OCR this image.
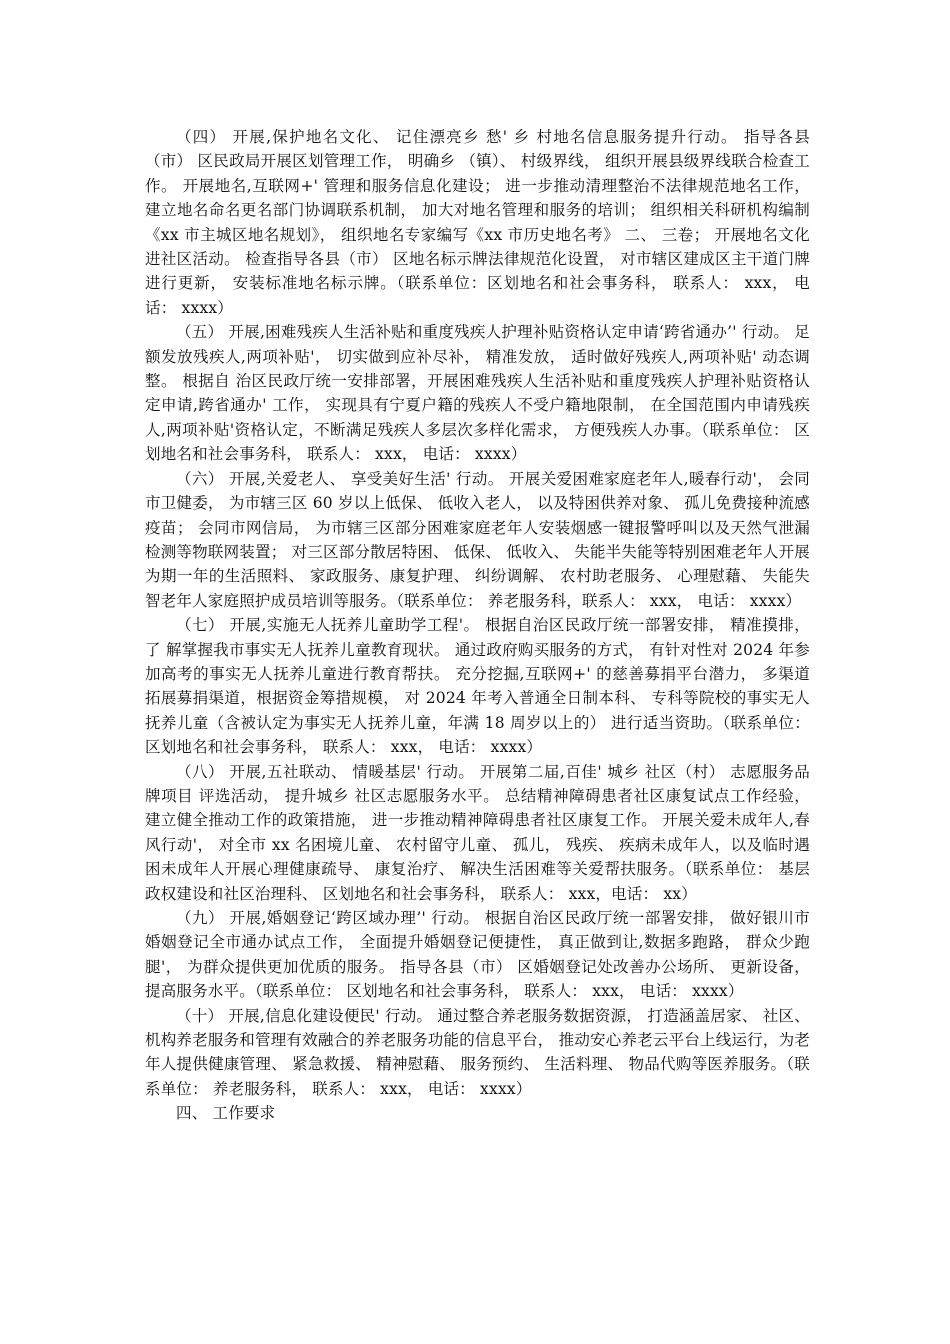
（四） 开展,保护地名文化、 记住漂亮乡 愁' 乡 村地名信息服务提升行动。 指导各县（市） 区民政局开展区划管理工作， 明确乡 （镇）、 村级界线， 组织开展县级界线联合检查工作。 开展地名,互联网+' 管理和服务信息化建设； 进一步推动清理整治不法律规范地名工作， 建立地名命名更名部门协调联系机制， 加大对地名管理和服务的培训； 组织相关科研机构编制《xx 市主城区地名规划》， 组织地名专家编写《xx 市历史地名考》 二、 三卷； 开展地名文化进社区活动。 检查指导各县（市） 区地名标示牌法律规范化设置， 对市辖区建成区主干道门牌进行更新， 安装标准地名标示牌。（联系单位：区划地名和社会事务科， 联系人： xxx， 电话： xxxx）

（五） 开展,困难残疾人生活补贴和重度残疾人护理补贴资格认定申请‘跨省通办’' 行动。 足额发放残疾人,两项补贴'， 切实做到应补尽补， 精准发放， 适时做好残疾人,两项补贴' 动态调整。 根据自 治区民政厅统一安排部署，开展困难残疾人生活补贴和重度残疾人护理补贴资格认定申请,跨省通办' 工作， 实现具有宁夏户籍的残疾人不受户籍地限制， 在全国范围内申请残疾人,两项补贴'资格认定，不断满足残疾人多层次多样化需求， 方便残疾人办事。（联系单位： 区划地名和社会事务科， 联系人： xxx， 电话： xxxx）

（六） 开展,关爱老人、 享受美好生活' 行动。 开展关爱困难家庭老年人,暖春行动'， 会同市卫健委， 为市辖三区 60 岁以上低保、 低收入老人， 以及特困供养对象、 孤儿免费接种流感疫苗； 会同市网信局， 为市辖三区部分困难家庭老年人安装烟感一键报警呼叫以及天然气泄漏检测等物联网装置； 对三区部分散居特困、 低保、 低收入、 失能半失能等特别困难老年人开展为期一年的生活照料、 家政服务、康复护理、 纠纷调解、 农村助老服务、 心理慰藉、 失能失智老年人家庭照护成员培训等服务。（联系单位： 养老服务科，联系人： xxx， 电话： xxxx）

（七） 开展,实施无人抚养儿童助学工程'。 根据自治区民政厅统一部署安排， 精准摸排，了 解掌握我市事实无人抚养儿童教育现状。 通过政府购买服务的方式， 有针对性对 2024 年参加高考的事实无人抚养儿童进行教育帮扶。 充分挖掘,互联网+' 的慈善募捐平台潜力， 多渠道拓展募捐渠道，根据资金筹措规模， 对 2024 年考入普通全日制本科、 专科等院校的事实无人抚养儿童（含被认定为事实无人抚养儿童，年满 18 周岁以上的） 进行适当资助。（联系单位： 区划地名和社会事务科， 联系人： xxx， 电话： xxxx）

（八） 开展,五社联动、 情暖基层' 行动。 开展第二届,百佳' 城乡 社区（村） 志愿服务品牌项目 评选活动， 提升城乡 社区志愿服务水平。 总结精神障碍患者社区康复试点工作经验， 建立健全推动工作的政策措施， 进一步推动精神障碍患者社区康复工作。 开展关爱未成年人,春风行动'， 对全市 xx 名困境儿童、 农村留守儿童、 孤儿， 残疾、 疾病未成年人，以及临时遇困未成年人开展心理健康疏导、 康复治疗、 解决生活困难等关爱帮扶服务。（联系单位： 基层政权建设和社区治理科、 区划地名和社会事务科， 联系人： xxx，电话： xx）

（九） 开展,婚姻登记‘跨区域办理’' 行动。 根据自治区民政厅统一部署安排， 做好银川市婚姻登记全市通办试点工作， 全面提升婚姻登记便捷性， 真正做到让,数据多跑路， 群众少跑腿'， 为群众提供更加优质的服务。 指导各县（市） 区婚姻登记处改善办公场所、 更新设备， 提高服务水平。（联系单位： 区划地名和社会事务科， 联系人： xxx， 电话： xxxx）

（十） 开展,信息化建设便民' 行动。 通过整合养老服务数据资源， 打造涵盖居家、 社区、 机构养老服务和管理有效融合的养老服务功能的信息平台， 推动安心养老云平台上线运行，为老年人提供健康管理、 紧急救援、 精神慰藉、 服务预约、 生活料理、 物品代购等医养服务。（联系单位： 养老服务科， 联系人： xxx， 电话： xxxx）

四、 工作要求
